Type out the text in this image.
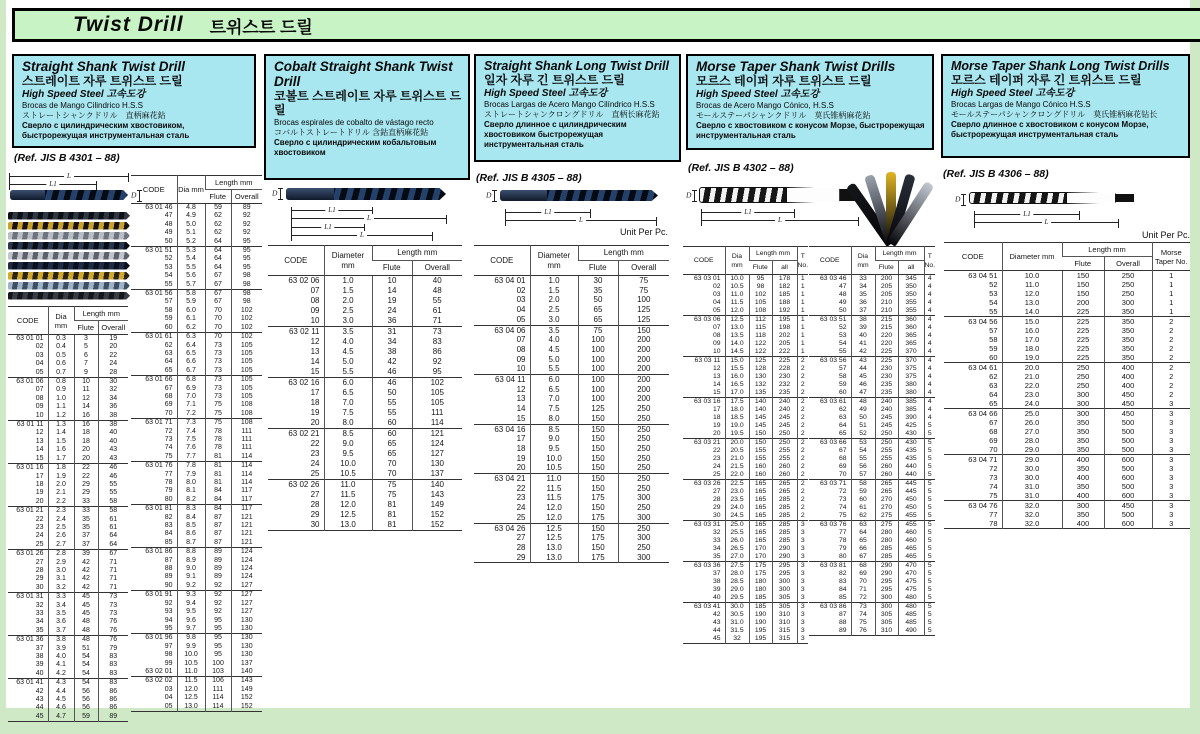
Twist Drill 트위스트 드릴
Straight Shank Twist Drill
스트레이트 자루 트위스트 드릴
High Speed Steel 고속도강
Brocas de Mango Cilindrico H.S.S
ストレートシャンクドリル　直柄麻花鉆
Сверло с цилиндрическим хвостовиком, быстрорежущая инструментальная сталь
(Ref. JIS B 4301 – 88)
Cobalt Straight Shank Twist Drill
코볼트 스트레이트 자루 트위스트 드릴
Brocas espirales de cobalto de vástago recto
コバルトストレートドリル 含鈷直柄麻花鉆
Сверло с цилиндрическим кобальтовым хвостовиком
Straight Shank Long Twist Drill
일자 자루 긴 트위스트 드릴
High Speed Steel 고속도강
Brocas Largas de Acero Mango Cilíndrico H.S.S
ストレートシャンクロングドリル　直柄长麻花鉆
Сверло длинное с цилиндрическим хвостовиком быстрорежущая инструментальная сталь
(Ref. JIS B 4305 – 88)
Morse Taper Shank Twist Drills
모르스 테이퍼 자루 트위스트 드릴
High Speed Steel 고속도강
Brocas de Acero Mango Cónico, H.S.S
モールステーパシャンクドリル　茣氏锥柄麻花鉆
Сверло с хвостовиком с конусом Морзе, быстрорежущая инструментальная сталь
(Ref. JIS B 4302 – 88)
Morse Taper Shank Long Twist Drills
모르스 테이퍼 자루 긴 트위스트 드릴
High Speed Steel 고속도강
Brocas Largas de Mango Cónico H.S.S
モールステーパシャンクロングドリル　莫氏锥柄麻花钻长
Сверло длинное с хвостовиком с конусом Морзе, быстрорежущая инструментальная сталь
(Ref. JIS B 4306 – 88)
L
L1
D	D
L1
L
L1
L
D
L1
L
Unit Per Pc.
D
L1
L
D
L1
L
Unit Per Pc.
CODE	Dia mm	Length mm	
		Flute	Overall
63 01 01	0.3	3	19
02	0.4	5	20
03	0.5	6	22
04	0.6	7	24
05	0.7	9	28
63 01 06	0.8	10	30
07	0.9	11	32
08	1.0	12	34
09	1.1	14	36
10	1.2	16	38
63 01 11	1.3	16	38
12	1.4	18	40
13	1.5	18	40
14	1.6	20	43
15	1.7	20	43
63 01 16	1.8	22	46
17	1.9	22	46
18	2.0	29	55
19	2.1	29	55
20	2.2	33	58
63 01 21	2.3	33	58
22	2.4	35	61
23	2.5	35	61
24	2.6	37	64
25	2.7	37	64
63 01 26	2.8	39	67
27	2.9	42	71
28	3.0	42	71
29	3.1	42	71
30	3.2	42	71
63 01 31	3.3	45	73
32	3.4	45	73
33	3.5	45	73
34	3.6	48	76
35	3.7	48	76
63 01 36	3.8	48	76
37	3.9	51	79
38	4.0	54	83
39	4.1	54	83
40	4.2	54	83
63 01 41	4.3	54	83
42	4.4	56	86
43	4.5	56	86
44	4.6	56	86
45	4.7	59	89
CODE	Dia mm	Length mm	
		Flute	Overall
63 01 46	4.8	59	89
47	4.9	62	92
48	5.0	62	92
49	5.1	62	92
50	5.2	64	95
63 01 51	5.3	64	95
52	5.4	64	95
53	5.5	64	95
54	5.6	67	98
55	5.7	67	98
63 01 56	5.8	67	98
57	5.9	67	98
58	6.0	70	102
59	6.1	70	102
60	6.2	70	102
63 01 61	6.3	70	102
62	6.4	73	105
63	6.5	73	105
64	6.6	73	105
65	6.7	73	105
63 01 66	6.8	73	105
67	6.9	73	105
68	7.0	73	105
69	7.1	75	108
70	7.2	75	108
63 01 71	7.3	75	108
72	7.4	78	111
73	7.5	78	111
74	7.6	78	111
75	7.7	81	114
63 01 76	7.8	81	114
77	7.9	81	114
78	8.0	81	114
79	8.1	84	117
80	8.2	84	117
63 01 81	8.3	84	117
82	8.4	87	121
83	8.5	87	121
84	8.6	87	121
85	8.7	87	121
63 01 86	8.8	89	124
87	8.9	89	124
88	9.0	89	124
89	9.1	89	124
90	9.2	92	127
63 01 91	9.3	92	127
92	9.4	92	127
93	9.5	92	127
94	9.6	95	130
95	9.7	95	130
63 01 96	9.8	95	130
97	9.9	95	130
98	10.0	95	130
99	10.5	100	137
63 02 01	11.0	103	140
63 02 02	11.5	106	143
03	12.0	111	149
04	12.5	114	152
05	13.0	114	152
CODE	Diameter mm	Length mm	
		Flute	Overall
63 02 06	1.0	10	40
07	1.5	14	48
08	2.0	19	55
09	2.5	24	61
10	3.0	36	71
63 02 11	3.5	31	73
12	4.0	34	83
13	4.5	38	86
14	5.0	42	92
15	5.5	46	95
63 02 16	6.0	46	102
17	6.5	50	105
18	7.0	55	105
19	7.5	55	111
20	8.0	60	114
63 02 21	8.5	60	121
22	9.0	65	124
23	9.5	65	127
24	10.0	70	130
25	10.5	70	137
63 02 26	11.0	75	140
27	11.5	75	143
28	12.0	81	149
29	12.5	81	152
30	13.0	81	152
CODE	Diameter mm	Length mm	
		Flute	Overall
63 04 01	1.0	30	75
02	1.5	35	75
03	2.0	50	100
04	2.5	65	125
05	3.0	65	125
63 04 06	3.5	75	150
07	4.0	100	200
08	4.5	100	200
09	5.0	100	200
10	5.5	100	200
63 04 11	6.0	100	200
12	6.5	100	200
13	7.0	100	200
14	7.5	125	250
15	8.0	150	250
63 04 16	8.5	150	250
17	9.0	150	250
18	9.5	150	250
19	10.0	150	250
20	10.5	150	250
63 04 21	11.0	150	250
22	11.5	150	250
23	11.5	175	300
24	12.0	150	250
25	12.0	175	300
63 04 26	12.5	150	250
27	12.5	175	300
28	13.0	150	250
29	13.0	175	300
CODE	Dia mm	Length mm		T No.
		Flute	all	
63 03 01	10.0	95	178	1
02	10.5	98	182	1
03	11.0	102	185	1
04	11.5	105	188	1
05	12.0	108	192	1
63 03 06	12.5	112	195	1
07	13.0	115	198	1
08	13.5	118	202	1
09	14.0	122	205	1
10	14.5	122	222	1
63 03 11	15.0	125	225	2
12	15.5	128	228	2
13	16.0	130	230	2
14	16.5	132	232	2
15	17.0	135	235	2
63 03 16	17.5	140	240	2
17	18.0	140	240	2
18	18.5	145	245	2
19	19.0	145	245	2
20	19.5	150	250	2
63 03 21	20.0	150	250	2
22	20.5	155	255	2
23	21.0	155	255	2
24	21.5	160	260	2
25	22.0	160	260	2
63 03 26	22.5	165	265	2
27	23.0	165	265	2
28	23.5	165	285	2
29	24.0	165	285	2
30	24.5	165	285	2
63 03 31	25.0	165	285	3
32	25.5	165	285	3
33	26.0	165	285	3
34	26.5	170	290	3
35	27.0	170	290	3
63 03 36	27.5	175	295	3
37	28.0	175	295	3
38	28.5	180	300	3
39	29.0	180	300	3
40	29.5	185	305	3
63 03 41	30.0	185	305	3
42	30.5	190	310	3
43	31.0	190	310	3
44	31.5	195	315	3
45	32	195	315	3
CODE	Dia mm	Length mm		T No.
		Flute	all	
63 03 46	33	200	345	4
47	34	205	350	4
48	35	205	350	4
49	36	210	355	4
50	37	210	355	4
63 03 51	38	215	360	4
52	39	215	360	4
53	40	220	365	4
54	41	220	365	4
55	42	225	370	4
63 03 56	43	225	370	4
57	44	230	375	4
58	45	230	375	4
59	46	235	380	4
60	47	235	380	4
63 03 61	48	240	385	4
62	49	240	385	4
63	50	245	390	4
64	51	245	425	5
65	52	250	430	5
63 03 66	53	250	430	5
67	54	255	435	5
68	55	255	435	5
69	56	260	440	5
70	57	260	440	5
63 03 71	58	265	445	5
72	59	265	445	5
73	60	270	450	5
74	61	270	450	5
75	62	275	455	5
63 03 76	63	275	455	5
77	64	280	460	5
78	65	280	460	5
79	66	285	465	5
80	67	285	465	5
63 03 81	68	290	470	5
82	69	290	470	5
83	70	295	475	5
84	71	295	475	5
85	72	300	480	5
63 03 86	73	300	480	5
87	74	305	485	5
88	75	305	485	5
89	76	310	490	5
CODE	Diameter mm	Length mm		Morse Taper No.
		Flute	Overall	
63 04 51	10.0	150	250	1
52	11.0	150	250	1
53	12.0	150	250	1
54	13.0	200	300	1
55	14.0	225	350	1
63 04 56	15.0	225	350	2
57	16.0	225	350	2
58	17.0	225	350	2
59	18.0	225	350	2
60	19.0	225	350	2
63 04 61	20.0	250	400	2
62	21.0	250	400	2
63	22.0	250	400	2
64	23.0	300	450	2
65	24.0	300	450	3
63 04 66	25.0	300	450	3
67	26.0	350	500	3
68	27.0	350	500	3
69	28.0	350	500	3
70	29.0	350	500	3
63 04 71	29.0	400	600	3
72	30.0	350	500	3
73	30.0	400	600	3
74	31.0	350	500	3
75	31.0	400	600	3
63 04 76	32.0	300	450	3
77	32.0	350	500	3
78	32.0	400	600	3
